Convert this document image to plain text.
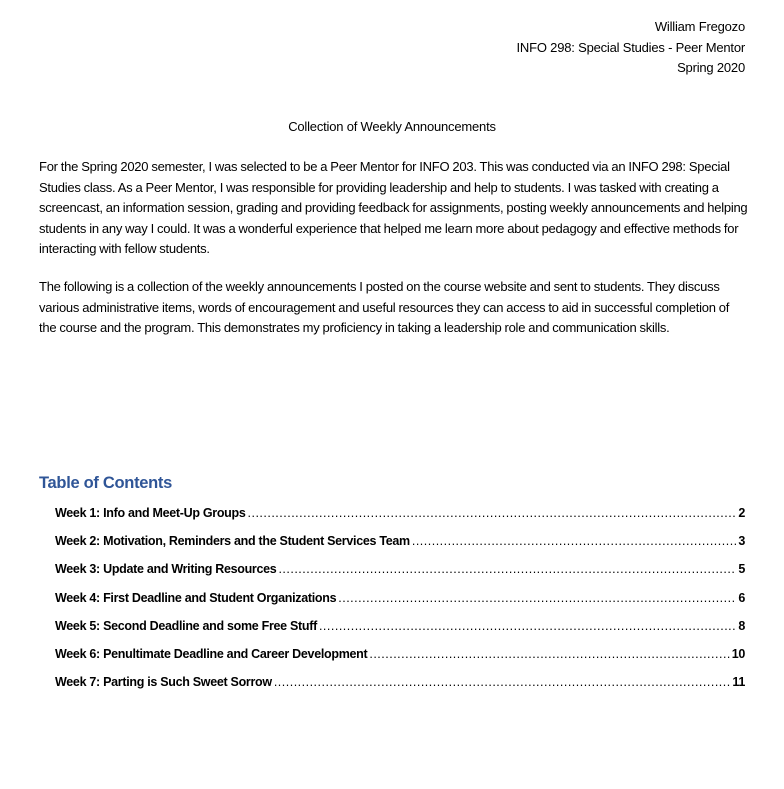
William Fregozo
INFO 298: Special Studies - Peer Mentor
Spring 2020
Collection of Weekly Announcements

For the Spring 2020 semester, I was selected to be a Peer Mentor for INFO 203. This was conducted via an INFO 298: Special Studies class. As a Peer Mentor, I was responsible for providing leadership and help to students. I was tasked with creating a screencast, an information session, grading and providing feedback for assignments, posting weekly announcements and helping students in any way I could. It was a wonderful experience that helped me learn more about pedagogy and effective methods for interacting with fellow students.

The following is a collection of the weekly announcements I posted on the course website and sent to students. They discuss various administrative items, words of encouragement and useful resources they can access to aid in successful completion of the course and the program. This demonstrates my proficiency in taking a leadership role and communication skills.

Table of Contents
Week 1: Info and Meet-Up Groups .....	2
Week 2: Motivation, Reminders and the Student Services Team .....	3
Week 3: Update and Writing Resources .....	5
Week 4: First Deadline and Student Organizations .....	6
Week 5: Second Deadline and some Free Stuff .....	8
Week 6: Penultimate Deadline and Career Development .....	10
Week 7: Parting is Such Sweet Sorrow .....	11
